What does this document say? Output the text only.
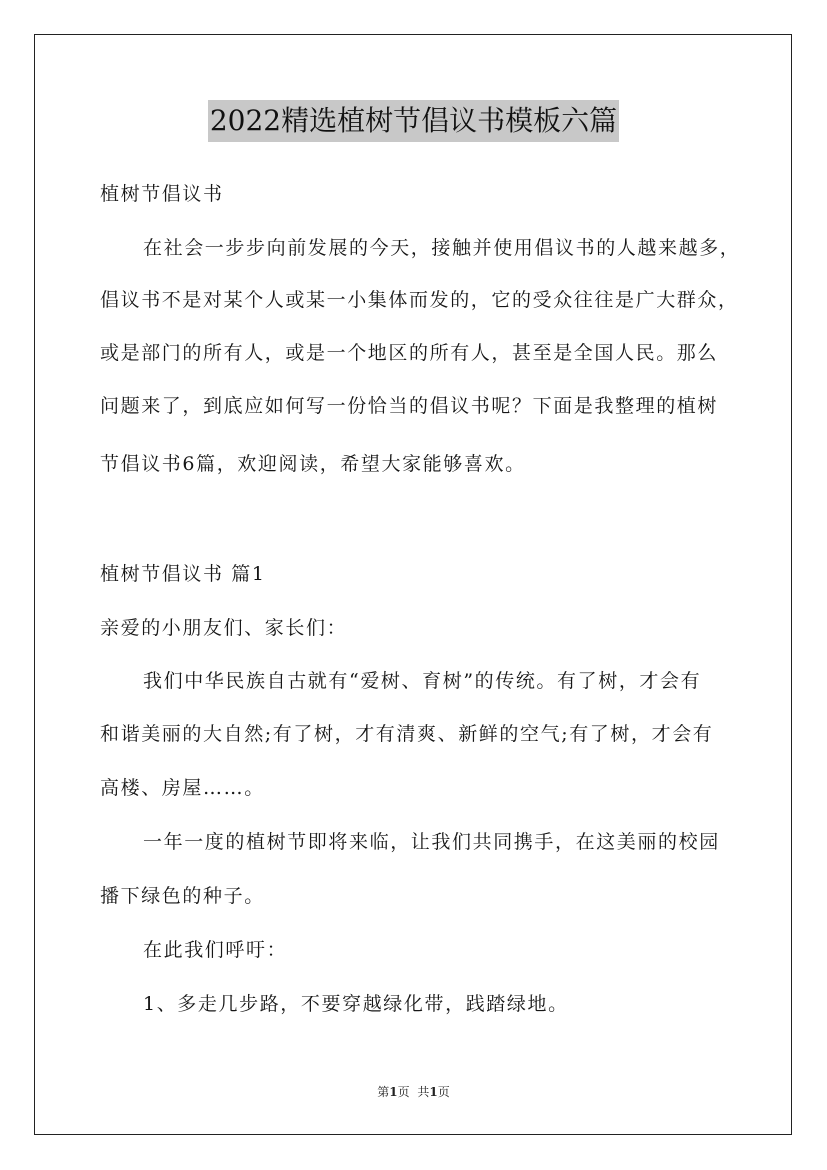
2022精选植树节倡议书模板六篇
植树节倡议书
在社会一步步向前发展的今天，接触并使用倡议书的人越来越多，
倡议书不是对某个人或某一小集体而发的，它的受众往往是广大群众，
或是部门的所有人，或是一个地区的所有人，甚至是全国人民。那么
问题来了，到底应如何写一份恰当的倡议书呢？下面是我整理的植树
节倡议书6篇，欢迎阅读，希望大家能够喜欢。
植树节倡议书 篇1
亲爱的小朋友们、家长们：
我们中华民族自古就有“爱树、育树”的传统。有了树，才会有
和谐美丽的大自然;有了树，才有清爽、新鲜的空气;有了树，才会有
高楼、房屋……。
一年一度的植树节即将来临，让我们共同携手，在这美丽的校园
播下绿色的种子。
在此我们呼吁：
1、多走几步路，不要穿越绿化带，践踏绿地。
第1页 共1页
